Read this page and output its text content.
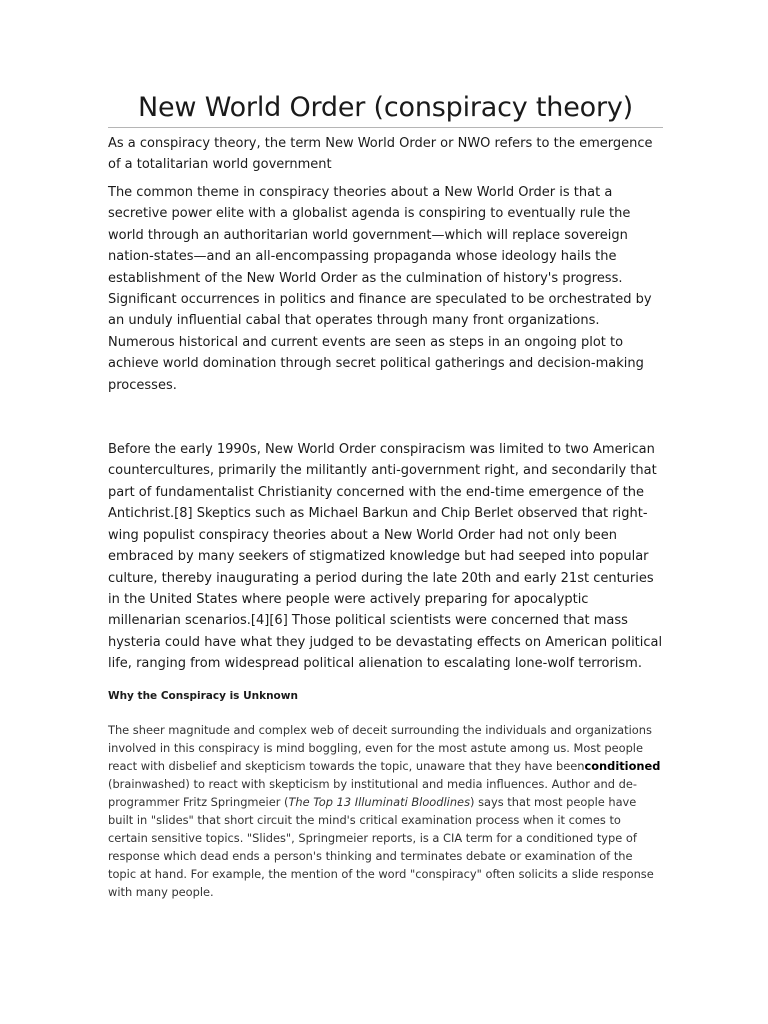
New World Order (conspiracy theory)
As a conspiracy theory, the term New World Order or NWO refers to the emergence of a totalitarian world government

The common theme in conspiracy theories about a New World Order is that a secretive power elite with a globalist agenda is conspiring to eventually rule the world through an authoritarian world government—which will replace sovereign nation-states—and an all-encompassing propaganda whose ideology hails the establishment of the New World Order as the culmination of history's progress. Significant occurrences in politics and finance are speculated to be orchestrated by an unduly influential cabal that operates through many front organizations. Numerous historical and current events are seen as steps in an ongoing plot to achieve world domination through secret political gatherings and decision-making processes.

Before the early 1990s, New World Order conspiracism was limited to two American countercultures, primarily the militantly anti-government right, and secondarily that part of fundamentalist Christianity concerned with the end-time emergence of the Antichrist.[8] Skeptics such as Michael Barkun and Chip Berlet observed that right-wing populist conspiracy theories about a New World Order had not only been embraced by many seekers of stigmatized knowledge but had seeped into popular culture, thereby inaugurating a period during the late 20th and early 21st centuries in the United States where people were actively preparing for apocalyptic millenarian scenarios.[4][6] Those political scientists were concerned that mass hysteria could have what they judged to be devastating effects on American political life, ranging from widespread political alienation to escalating lone-wolf terrorism.

Why the Conspiracy is Unknown

The sheer magnitude and complex web of deceit surrounding the individuals and organizations involved in this conspiracy is mind boggling, even for the most astute among us. Most people react with disbelief and skepticism towards the topic, unaware that they have beenconditioned (brainwashed) to react with skepticism by institutional and media influences. Author and de-programmer Fritz Springmeier (The Top 13 Illuminati Bloodlines) says that most people have built in "slides" that short circuit the mind's critical examination process when it comes to certain sensitive topics. "Slides", Springmeier reports, is a CIA term for a conditioned type of response which dead ends a person's thinking and terminates debate or examination of the topic at hand. For example, the mention of the word "conspiracy" often solicits a slide response with many people.
